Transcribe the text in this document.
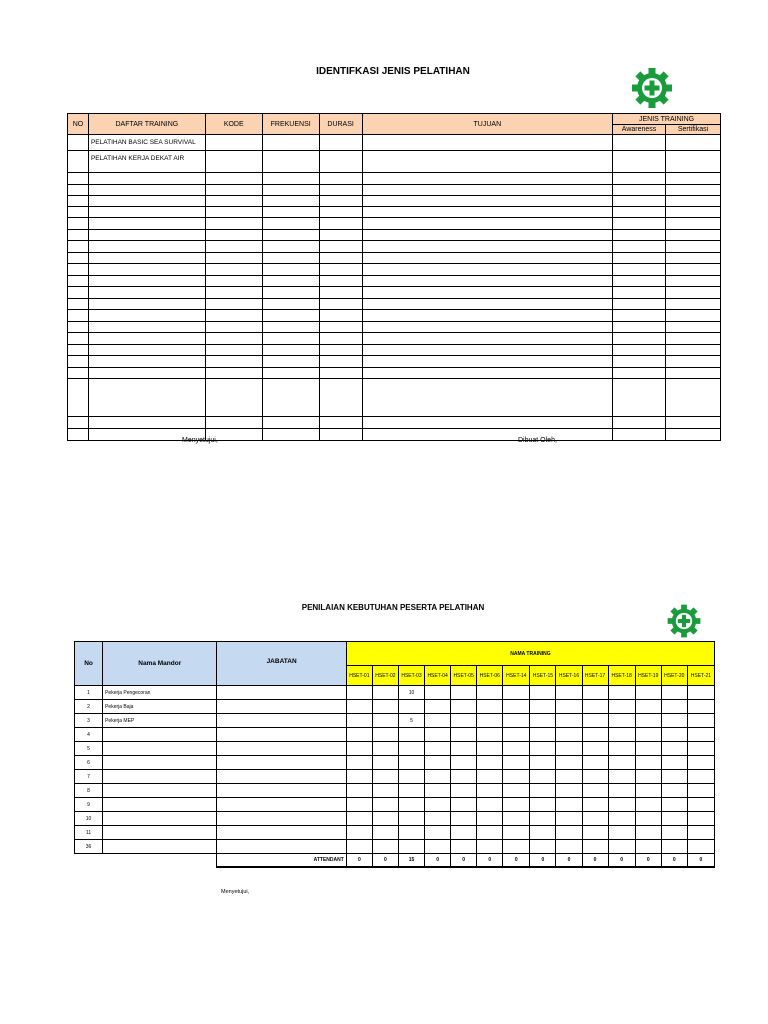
IDENTIFKASI JENIS PELATIHAN
NO	DAFTAR TRAINING	KODE	FREKUENSI	DURASI	TUJUAN	JENIS TRAINING	
						Awareness	Sertifikasi
	PELATIHAN BASIC SEA SURVIVAL						
	PELATIHAN KERJA DEKAT AIR						

Menyetujui,	Dibuat Oleh,
PENILAIAN KEBUTUHAN PESERTA PELATIHAN
No	Nama Mandor	JABATAN	NAMA TRAINING													
			HSET-01	HSET-02	HSET-03	HSET-04	HSET-05	HSET-06	HSET-14	HSET-15	HSET-16	HSET-17	HSET-18	HSET-19	HSET-20	HSET-21
1	Pekerja Pengecoran				10											
2	Pekerja Baja															
3	Pekerja MEP				5											
4																
5																
6																
7																
8																
9																
10																
11																
36																
		ATTENDANT	0	0	15	0	0	0	0	0	0	0	0	0	0	0
Menyetujui,
